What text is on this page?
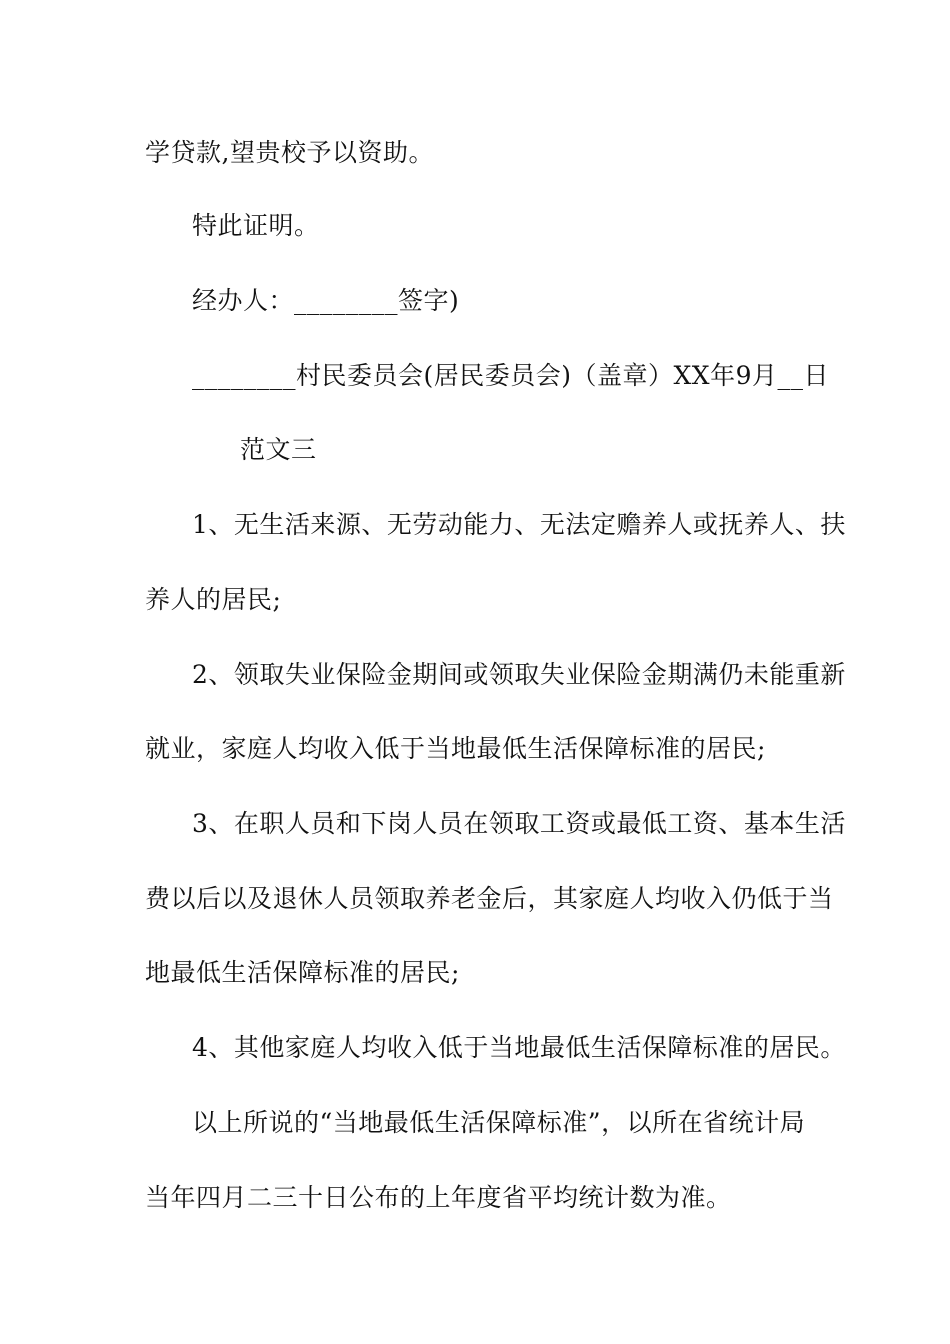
学贷款,望贵校予以资助。
特此证明。
经办人：________签字)
________村民委员会(居民委员会)（盖章）XX年9月__日
范文三
1、无生活来源、无劳动能力、无法定赡养人或抚养人、扶
养人的居民;
2、领取失业保险金期间或领取失业保险金期满仍未能重新
就业，家庭人均收入低于当地最低生活保障标准的居民;
3、在职人员和下岗人员在领取工资或最低工资、基本生活
费以后以及退休人员领取养老金后，其家庭人均收入仍低于当
地最低生活保障标准的居民;
4、其他家庭人均收入低于当地最低生活保障标准的居民。
以上所说的“当地最低生活保障标准”，以所在省统计局
当年四月二三十日公布的上年度省平均统计数为准。
